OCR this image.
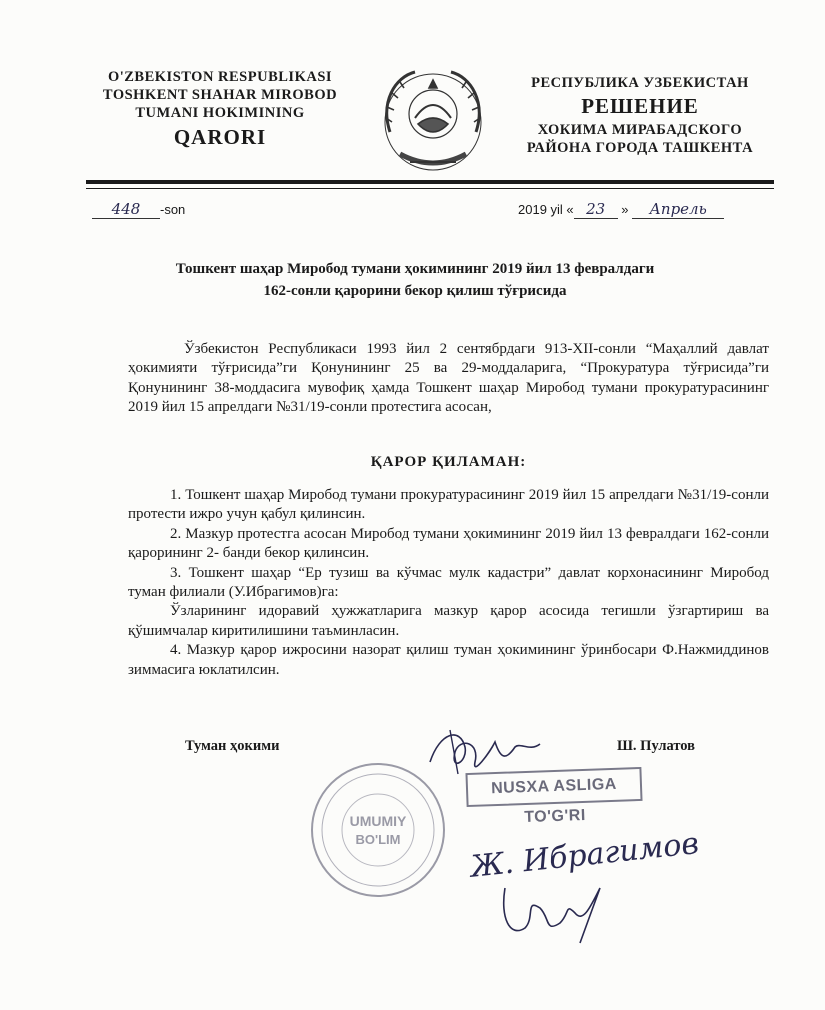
O'ZBEKISTON RESPUBLIKASI
TOSHKENT SHAHAR MIROBOD
TUMANI HOKIMINING
QARORI
РЕСПУБЛИКА УЗБЕКИСТАН
РЕШЕНИЕ
ХОКИМА МИРАБАДСКОГО
РАЙОНА ГОРОДА ТАШКЕНТА
448 -son	2019 yil « 23 » Апрель
Тошкент шаҳар Миробод тумани ҳокимининг 2019 йил 13 февралдаги
162-сонли қарорини бекор қилиш тўғрисида
Ўзбекистон Республикаси 1993 йил 2 сентябрдаги 913-XII-сонли “Маҳаллий давлат ҳокимияти тўғрисида”ги Қонунининг 25 ва 29-моддаларига, “Прокуратура тўғрисида”ги Қонунининг 38-моддасига мувофиқ ҳамда Тошкент шаҳар Миробод тумани прокуратурасининг 2019 йил 15 апрелдаги №31/19-сонли протестига асосан,
ҚАРОР ҚИЛАМАН:

1. Тошкент шаҳар Миробод тумани прокуратурасининг 2019 йил 15 апрелдаги №31/19-сонли протести ижро учун қабул қилинсин.

2. Мазкур протестга асосан Миробод тумани ҳокимининг 2019 йил 13 февралдаги 162-сонли қарорининг 2- банди бекор қилинсин.

3. Тошкент шаҳар “Ер тузиш ва кўчмас мулк кадастри” давлат корхонасининг Миробод туман филиали (У.Ибрагимов)га:

Ўзларининг идоравий ҳужжатларига мазкур қарор асосида тегишли ўзгартириш ва қўшимчалар киритилишини таъминласин.

4. Мазкур қарор ижросини назорат қилиш туман ҳокимининг ўринбосари Ф.Нажмиддинов зиммасига юклатилсин.

Туман ҳокими	Ш. Пулатов
UMUMIY
BO'LIM
NUSXA ASLIGA TO'G'RI
Ж. Ибрагимов
